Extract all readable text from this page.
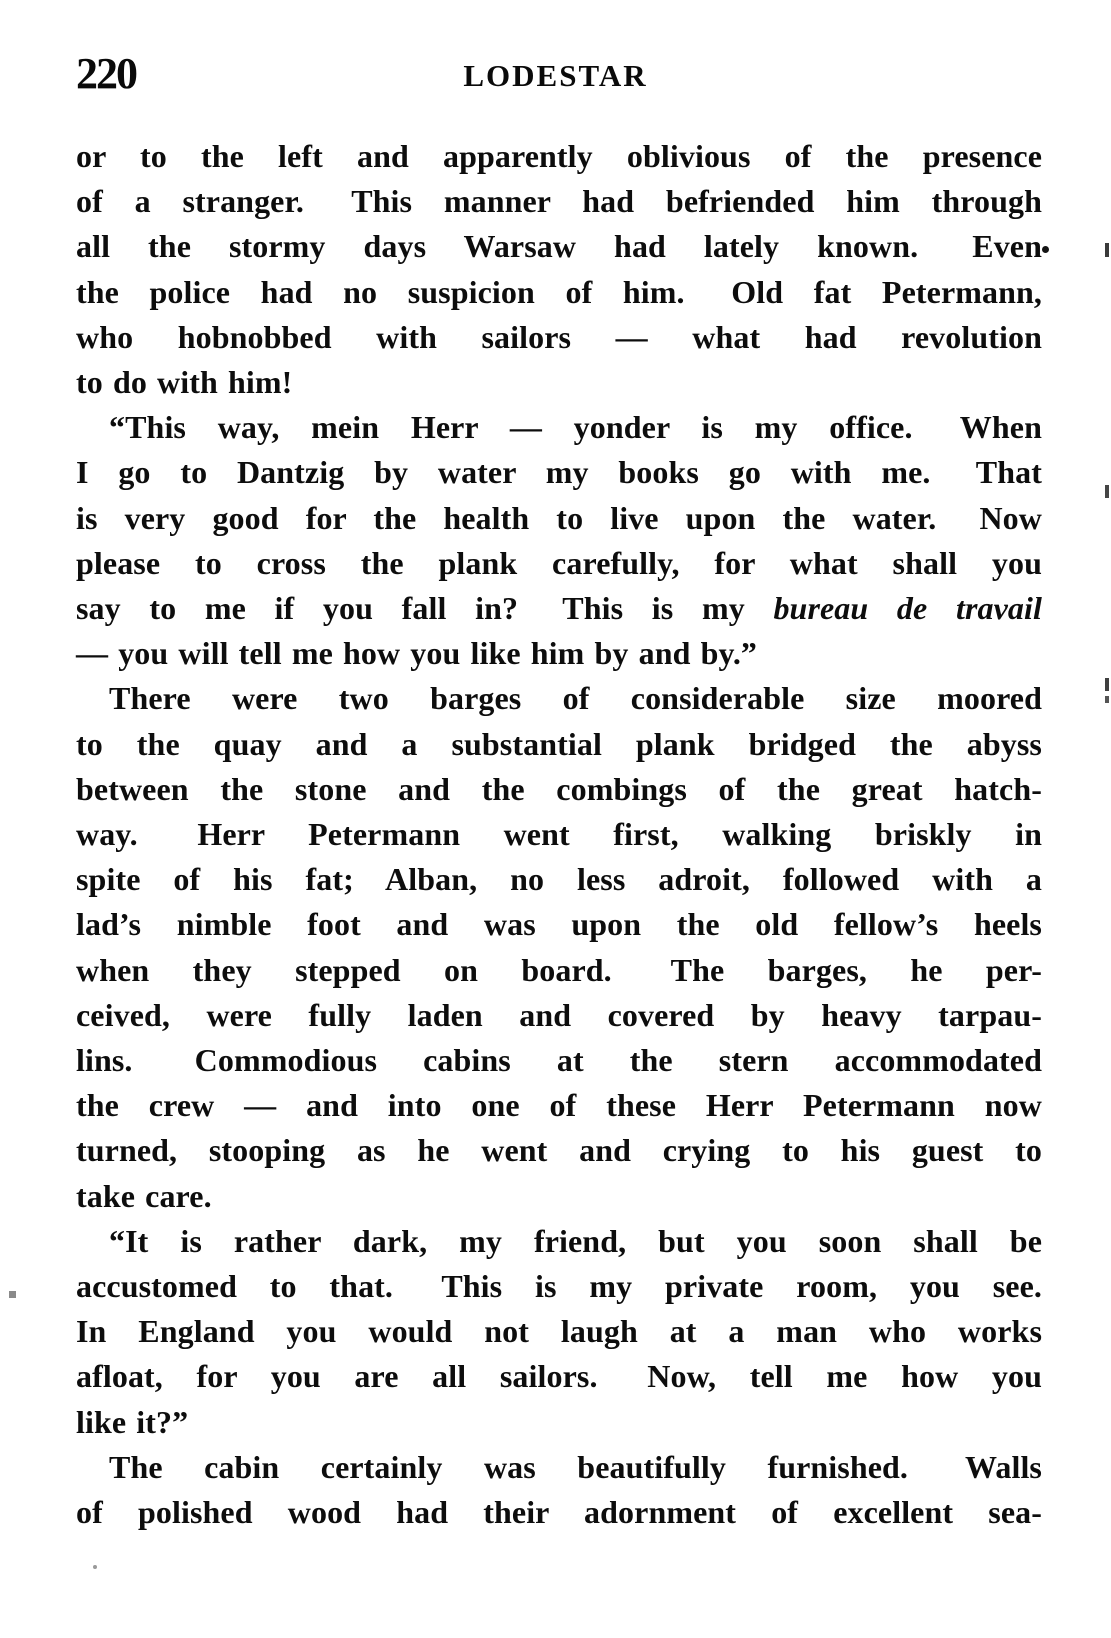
220	LODESTAR
or to the left and apparently oblivious of the presence
of a stranger.  This manner had befriended him through
all the stormy days Warsaw had lately known.  Even
the police had no suspicion of him.  Old fat Petermann,
who hobnobbed with sailors — what had revolution
to do with him!
“This way, mein Herr — yonder is my office.  When
I go to Dantzig by water my books go with me.  That
is very good for the health to live upon the water.  Now
please to cross the plank carefully, for what shall you
say to me if you fall in?  This is my bureau de travail
— you will tell me how you like him by and by.”
There were two barges of considerable size moored
to the quay and a substantial plank bridged the abyss
between the stone and the combings of the great hatch-
way.  Herr Petermann went first, walking briskly in
spite of his fat; Alban, no less adroit, followed with a
lad’s nimble foot and was upon the old fellow’s heels
when they stepped on board.  The barges, he per-
ceived, were fully laden and covered by heavy tarpau-
lins.  Commodious cabins at the stern accommodated
the crew — and into one of these Herr Petermann now
turned, stooping as he went and crying to his guest to
take care.
“It is rather dark, my friend, but you soon shall be
accustomed to that.  This is my private room, you see.
In England you would not laugh at a man who works
afloat, for you are all sailors.  Now, tell me how you
like it?”
The cabin certainly was beautifully furnished.  Walls
of polished wood had their adornment of excellent sea-
